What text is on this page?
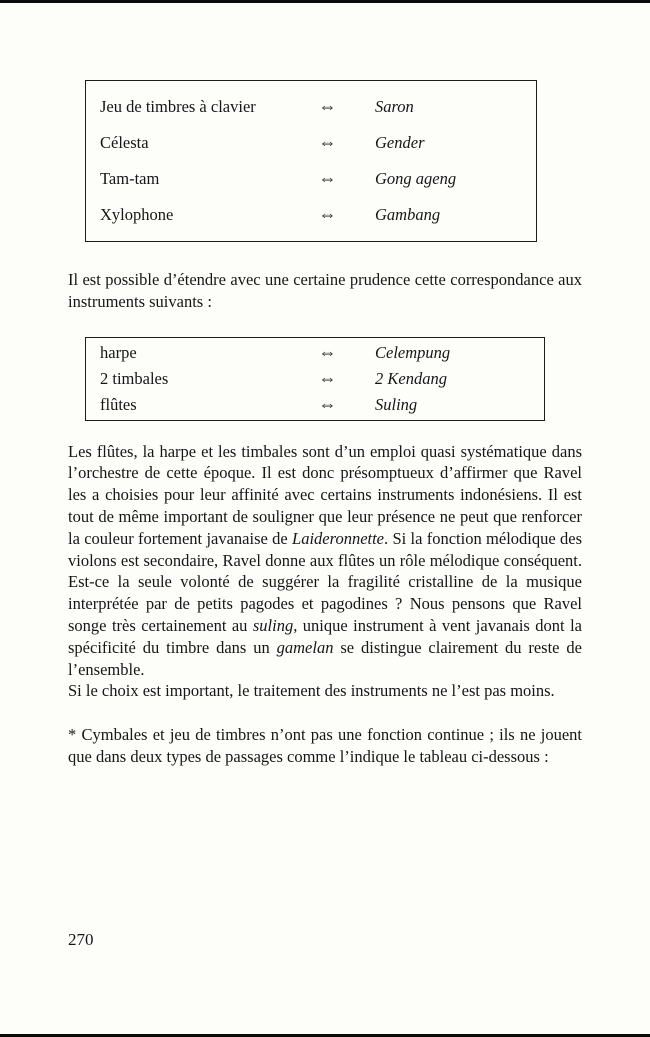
Jeu de timbres à clavier	⇔	Saron
Célesta	⇔	Gender
Tam-tam	⇔	Gong ageng
Xylophone	⇔	Gambang

Il est possible d’étendre avec une certaine prudence cette correspondance aux instruments suivants :

harpe	⇔	Celempung
2 timbales	⇔	2 Kendang
flûtes	⇔	Suling

Les flûtes, la harpe et les timbales sont d’un emploi quasi systématique dans l’orchestre de cette époque. Il est donc présomptueux d’affirmer que Ravel les a choisies pour leur affinité avec certains instruments indonésiens. Il est tout de même important de souligner que leur présence ne peut que renforcer la couleur fortement javanaise de Laideronnette. Si la fonction mélodique des violons est secondaire, Ravel donne aux flûtes un rôle mélodique conséquent. Est-ce la seule volonté de suggérer la fragilité cristalline de la musique interprétée par de petits pagodes et pagodines ? Nous pensons que Ravel songe très certainement au suling, unique instrument à vent javanais dont la spécificité du timbre dans un gamelan se distingue clairement du reste de l’ensemble.

Si le choix est important, le traitement des instruments ne l’est pas moins.

* Cymbales et jeu de timbres n’ont pas une fonction continue ; ils ne jouent que dans deux types de passages comme l’indique le tableau ci-dessous :

270
